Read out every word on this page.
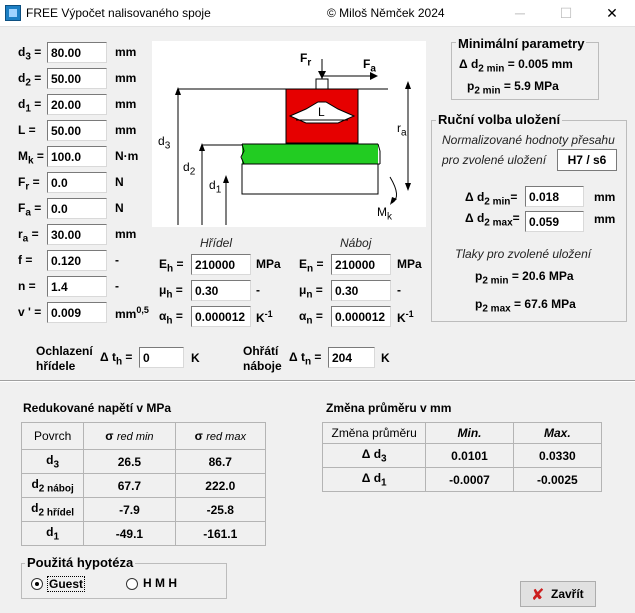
FREE Výpočet nalisovaného spoje	© Miloš Němček 2024	─	☐	✕
$d_3 = 80.00$	mm
$d_2 = 50.00$	mm
$d_1 = 20.00$	mm
L =	50.00	mm
$M_k = 100.0$	N·m
$F_r = 0.0$	N
$F_a = 0.0$	N
$r_a$ =	30.00	mm
f =	0.120	-
n =	1.4	-
v ' = 0.009	mm$^{0,5}$
$F_r$	$F_a$
L
$d_3$
$d_2$
$d_1$
$r_a$
$M_k$
Hřídel	Náboj
$E_h = 210000$	MPa
$\mu_h$ =	0.30	-
$\alpha_h$ =	0.000012 $K^{-1}$
$E_n = 210000$	MPa
$\mu_n$ =	0.30	-
$\alpha_n$ =	0.000012 $K^{-1}$
Ochlazení
hřídele
Δ $t_h = 0$	K	Ohřátí
náboje
Δ $t_n = 204$	K
Minimální parametry
Δ $d_{2 min} = 0.005$ mm
$p_{2 min} = 5.9$ MPa
Ruční volba uložení
Normalizované hodnoty přesahu
pro zvolené uložení	H7 / s6
Δ $d_{2 min}= 0.018$	mm
Δ $d_{2 max}= 0.059$	mm
Tlaky pro zvolené uložení
$p_{2 min} = 20.6$ MPa
$p_{2 max} = 67.6$ MPa
Redukované napětí v MPa
Povrch	σ red min	σ red max
$d_3$	26.5	86.7
$d_{2 náboj}$	67.7	222.0
$d_{2 hřídel}$	-7.9	-25.8
$d_1$	-49.1	-161.1
Změna průměru v mm
Změna průměru	Min.	Max.
Δ $d_3$	0.0101	0.0330
Δ $d_1$	-0.0007	-0.0025
Použitá hypotéza
Guest	H M H
✘ Zavřít
